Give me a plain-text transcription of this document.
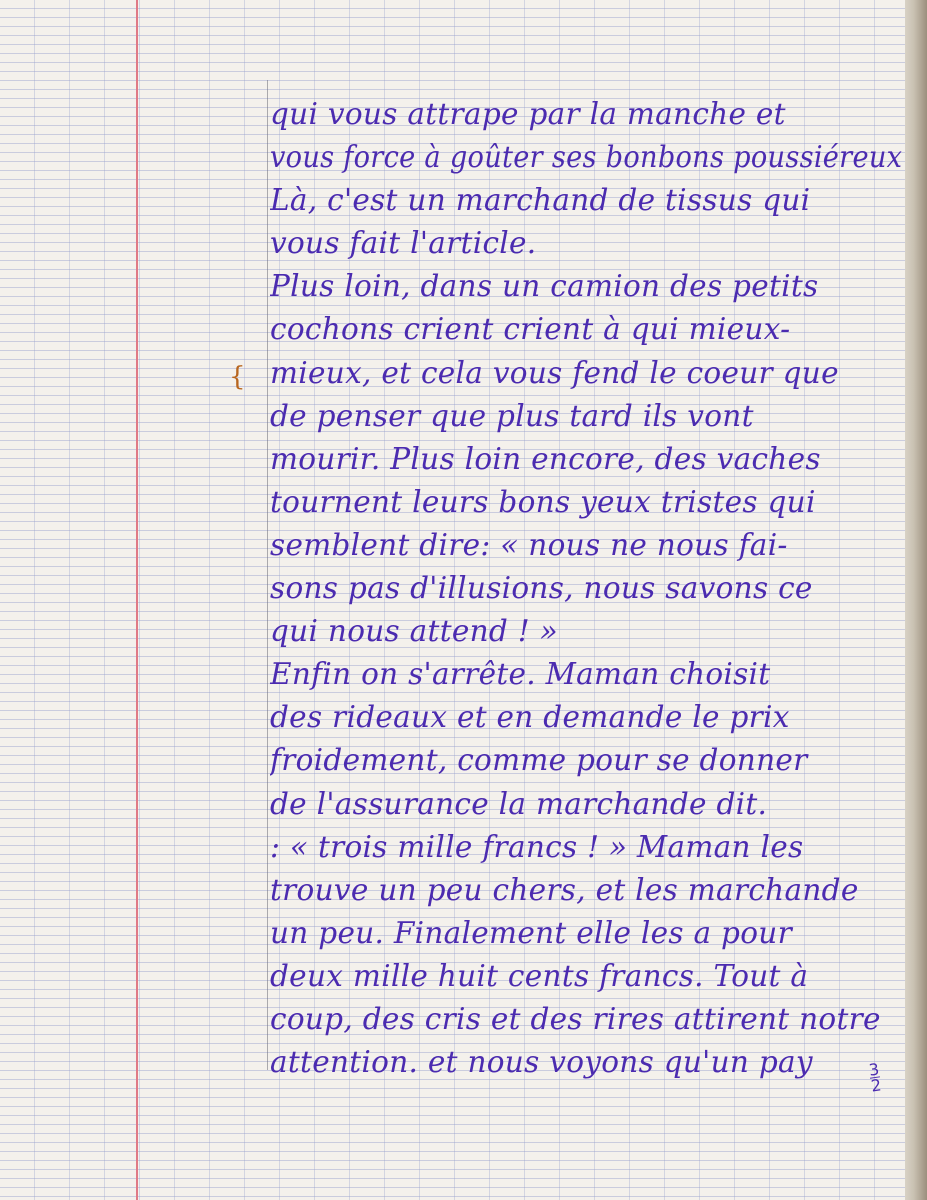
{
qui vous attrape par la manche et
vous force à goûter ses bonbons poussiéreux
Là, c'est un marchand de tissus qui
vous fait l'article.
Plus loin, dans un camion des petits
cochons crient crient à qui mieux-
mieux, et cela vous fend le coeur que
de penser que plus tard ils vont
mourir. Plus loin encore, des vaches
tournent leurs bons yeux tristes qui
semblent dire: « nous ne nous fai-
sons pas d'illusions, nous savons ce
qui nous attend ! »
Enfin on s'arrête. Maman choisit
des rideaux et en demande le prix
froidement, comme pour se donner
de l'assurance la marchande dit.
: « trois mille francs ! » Maman les
trouve un peu chers, et les marchande
un peu. Finalement elle les a pour
deux mille huit cents francs. Tout à
coup, des cris et des rires attirent notre
attention. et nous voyons qu'un pay	3
2
